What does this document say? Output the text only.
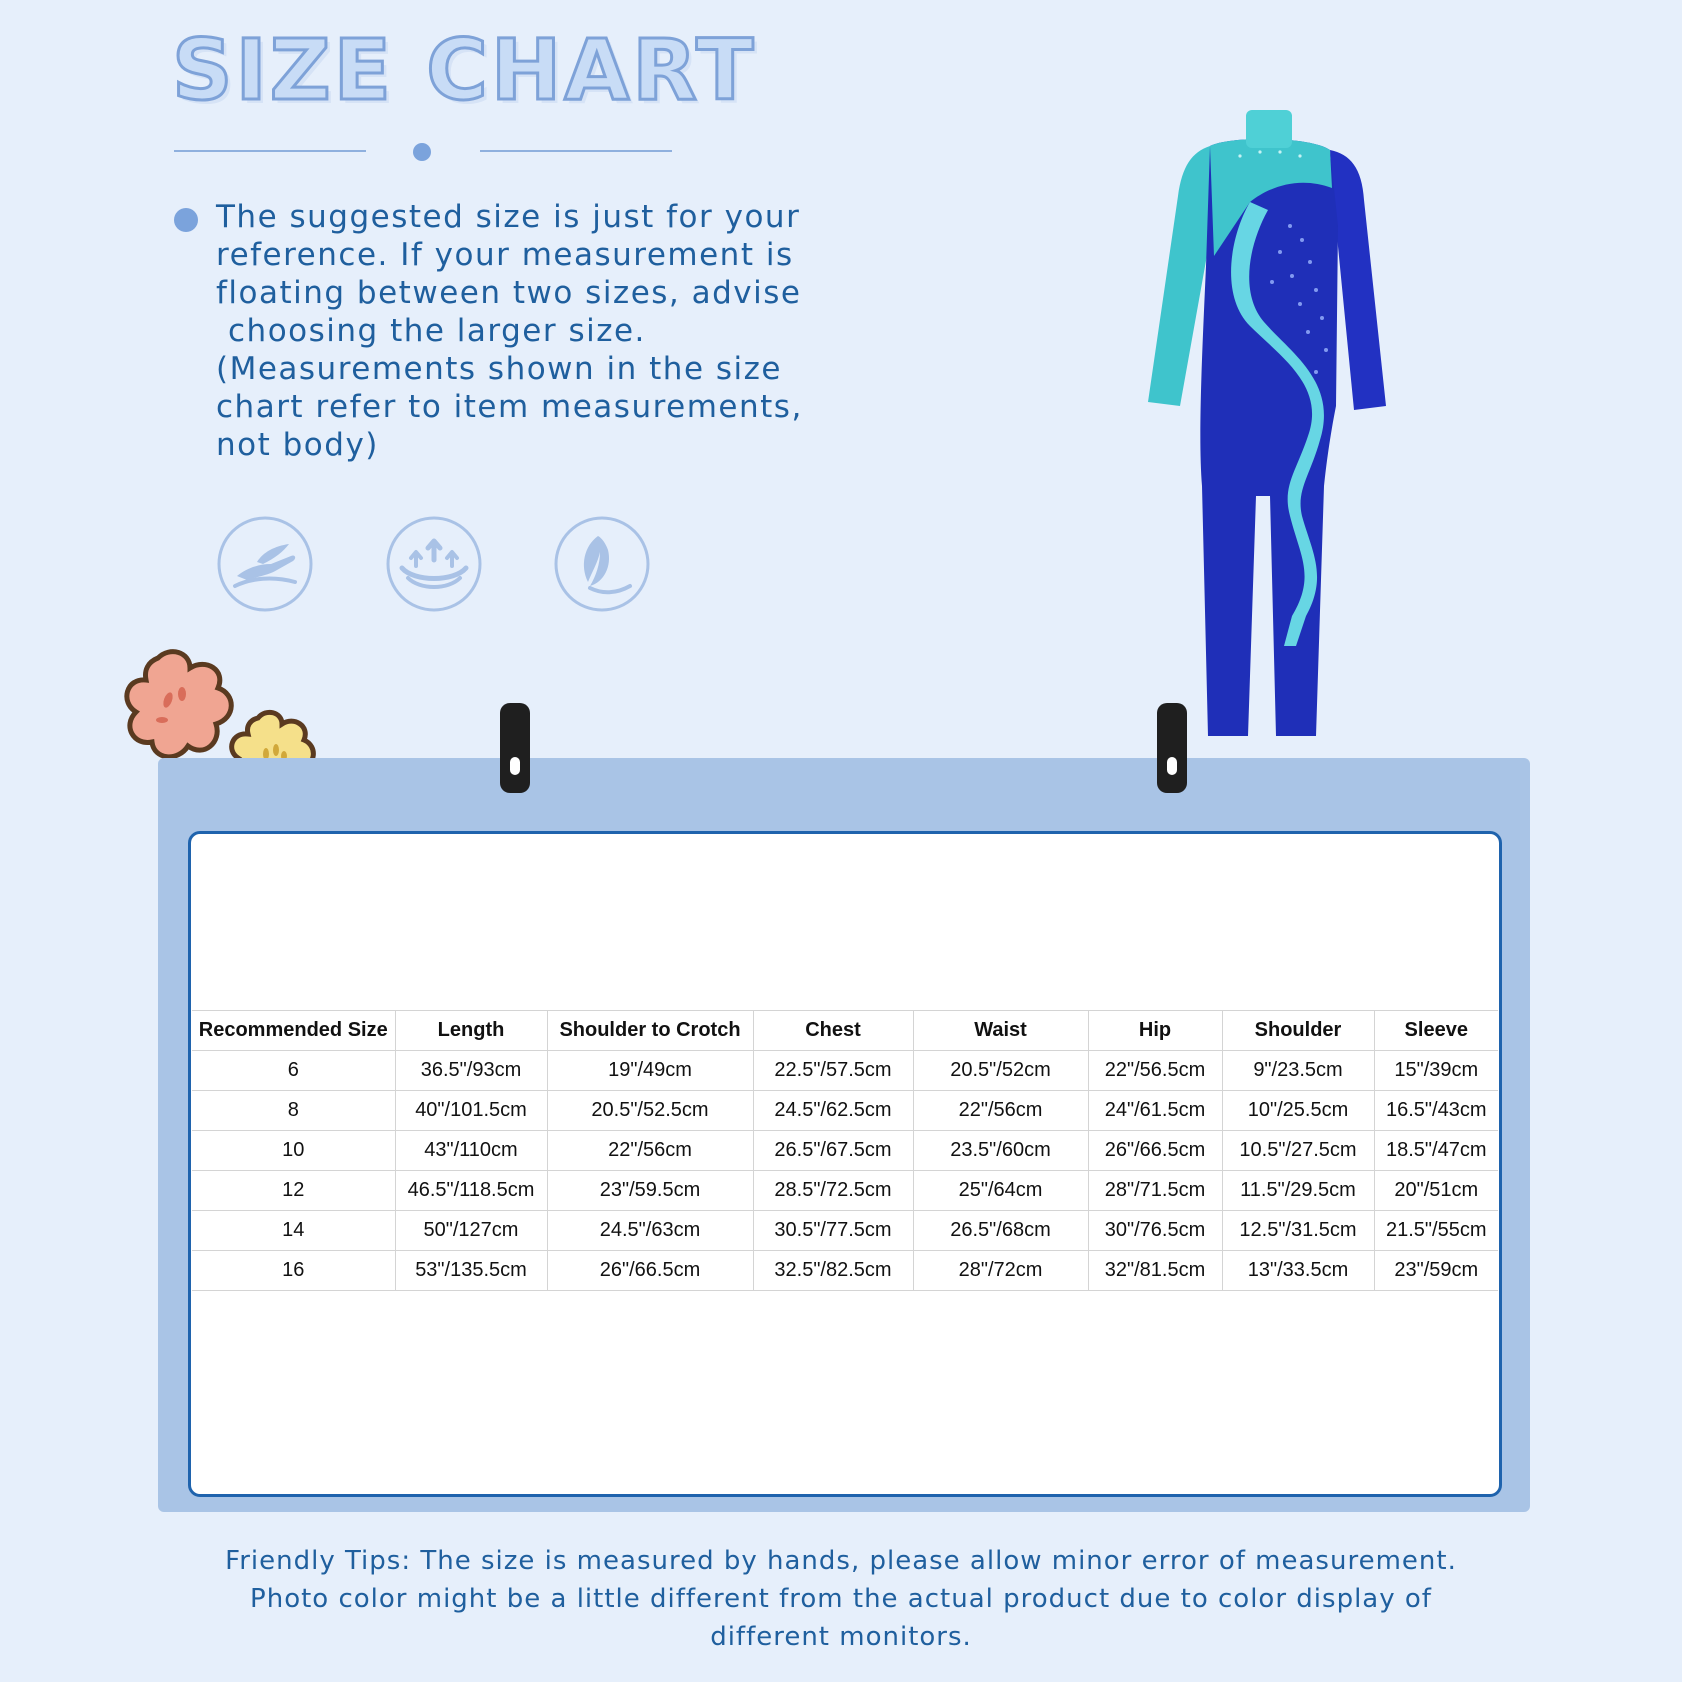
SIZE CHART

The suggested size is just for your
reference. If your measurement is
floating between two sizes, advise
choosing the larger size.
(Measurements shown in the size
chart refer to item measurements,
not body)

Recommended Size	Length	Shoulder to Crotch	Chest	Waist	Hip	Shoulder	Sleeve
6	36.5"/93cm	19"/49cm	22.5"/57.5cm	20.5"/52cm	22"/56.5cm	9"/23.5cm	15"/39cm
8	40"/101.5cm	20.5"/52.5cm	24.5"/62.5cm	22"/56cm	24"/61.5cm	10"/25.5cm	16.5"/43cm
10	43"/110cm	22"/56cm	26.5"/67.5cm	23.5"/60cm	26"/66.5cm	10.5"/27.5cm	18.5"/47cm
12	46.5"/118.5cm	23"/59.5cm	28.5"/72.5cm	25"/64cm	28"/71.5cm	11.5"/29.5cm	20"/51cm
14	50"/127cm	24.5"/63cm	30.5"/77.5cm	26.5"/68cm	30"/76.5cm	12.5"/31.5cm	21.5"/55cm
16	53"/135.5cm	26"/66.5cm	32.5"/82.5cm	28"/72cm	32"/81.5cm	13"/33.5cm	23"/59cm

Friendly Tips: The size is measured by hands, please allow minor error of measurement.
Photo color might be a little different from the actual product due to color display of
different monitors.
